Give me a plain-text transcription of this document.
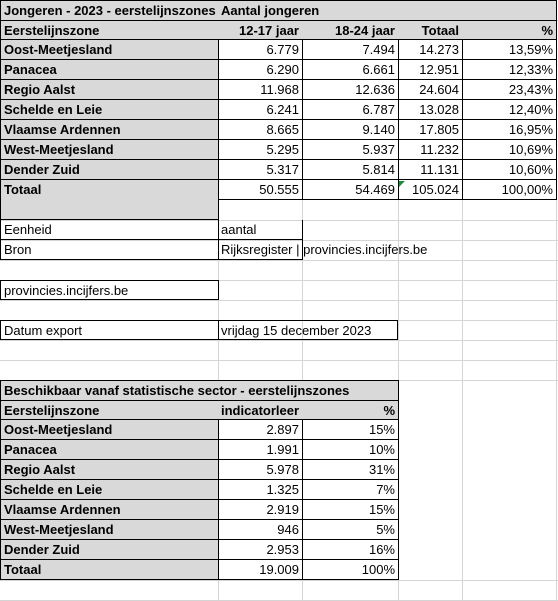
Jongeren - 2023 - eerstelijnszones Aantal jongeren
Eerstelijnszone	12-17 jaar	18-24 jaar	Totaal	%
Oost-Meetjesland	6.779	7.494	14.273	13,59%
Panacea	6.290	6.661	12.951	12,33%
Regio Aalst	11.968	12.636	24.604	23,43%
Schelde en Leie	6.241	6.787	13.028	12,40%
Vlaamse Ardennen	8.665	9.140	17.805	16,95%
West-Meetjesland	5.295	5.937	11.232	10,69%
Dender Zuid	5.317	5.814	11.131	10,60%
Totaal	50.555	54.469	105.024	100,00%
Eenheid	aantal
Bron	Rijksregister | provincies.incijfers.be
provincies.incijfers.be
Datum export	vrijdag 15 december 2023
Beschikbaar vanaf statistische sector - eerstelijnszones
Eerstelijnszone	indicatorleer	%
Oost-Meetjesland	2.897	15%
Panacea	1.991	10%
Regio Aalst	5.978	31%
Schelde en Leie	1.325	7%
Vlaamse Ardennen	2.919	15%
West-Meetjesland	946	5%
Dender Zuid	2.953	16%
Totaal	19.009	100%
